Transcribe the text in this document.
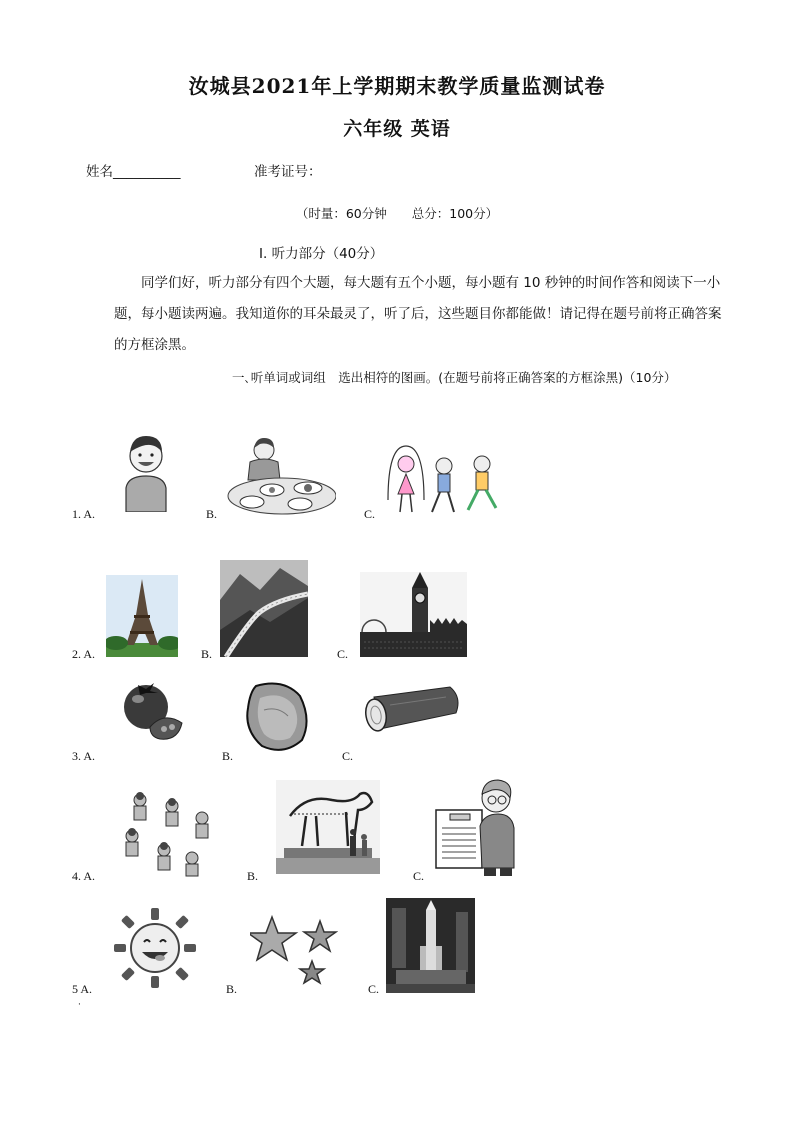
汝城县2021年上学期期末教学质量监测试卷
六年级 英语
姓名__________	准考证号：
（时量：60分钟　　总分：100分）
I. 听力部分（40分）
同学们好，听力部分有四个大题，每大题有五个小题，每小题有 10 秒钟的时间作答和阅读下一小题，每小题读两遍。我知道你的耳朵最灵了，听了后，这些题目你都能做！请记得在题号前将正确答案的方框涂黑。
一､听单词或词组　选出相符的图画。(在题号前将正确答案的方框涂黑)（10分）
1. A.	B.	C.
2. A.	B.	C.
3. A.	B.	C.
4. A.	B.	C.
5 A.	B.	C.
·
